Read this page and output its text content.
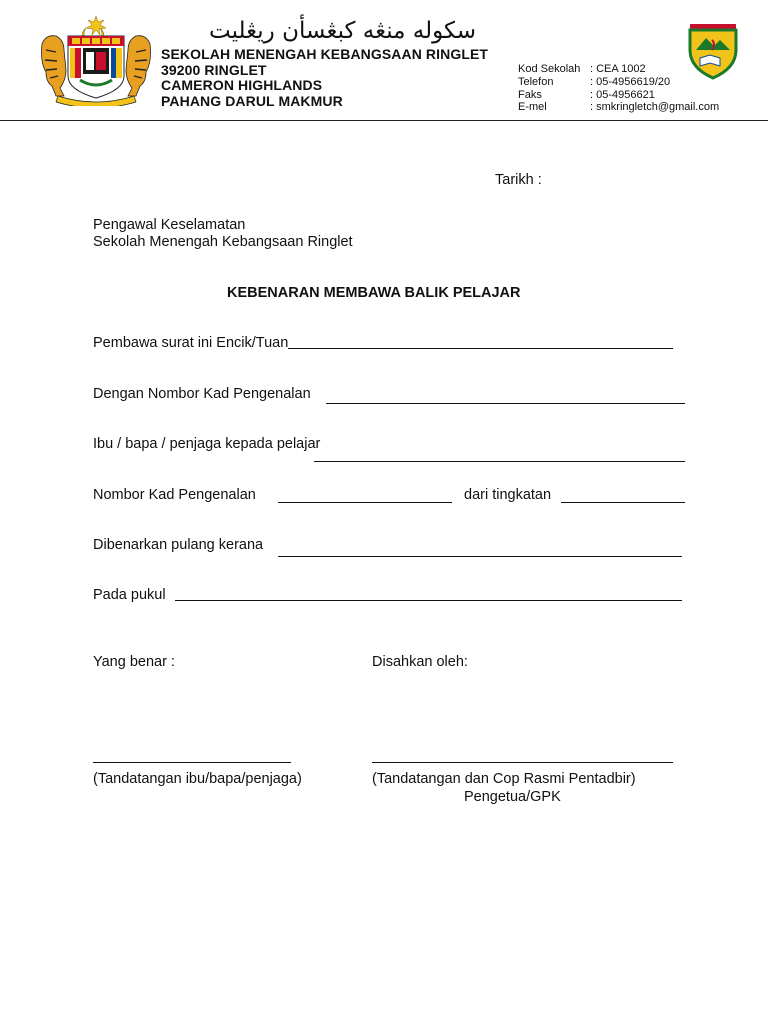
سكوله منڠه كبڠسأن ريڠليت
SEKOLAH MENENGAH KEBANGSAAN RINGLET
39200 RINGLET
CAMERON HIGHLANDS
PAHANG DARUL MAKMUR
Kod Sekolah : CEA 1002
Telefon	: 05-4956619/20
Faks	: 05-4956621
E-mel	: smkringletch@gmail.com
Tarikh :
Pengawal Keselamatan
Sekolah Menengah Kebangsaan Ringlet
KEBENARAN MEMBAWA BALIK PELAJAR
Pembawa surat ini Encik/Tuan
Dengan Nombor Kad Pengenalan
Ibu / bapa / penjaga kepada pelajar
Nombor Kad Pengenalan	dari tingkatan
Dibenarkan pulang kerana
Pada pukul
Yang benar :	Disahkan oleh:
(Tandatangan ibu/bapa/penjaga)	(Tandatangan dan Cop Rasmi Pentadbir)
Pengetua/GPK
